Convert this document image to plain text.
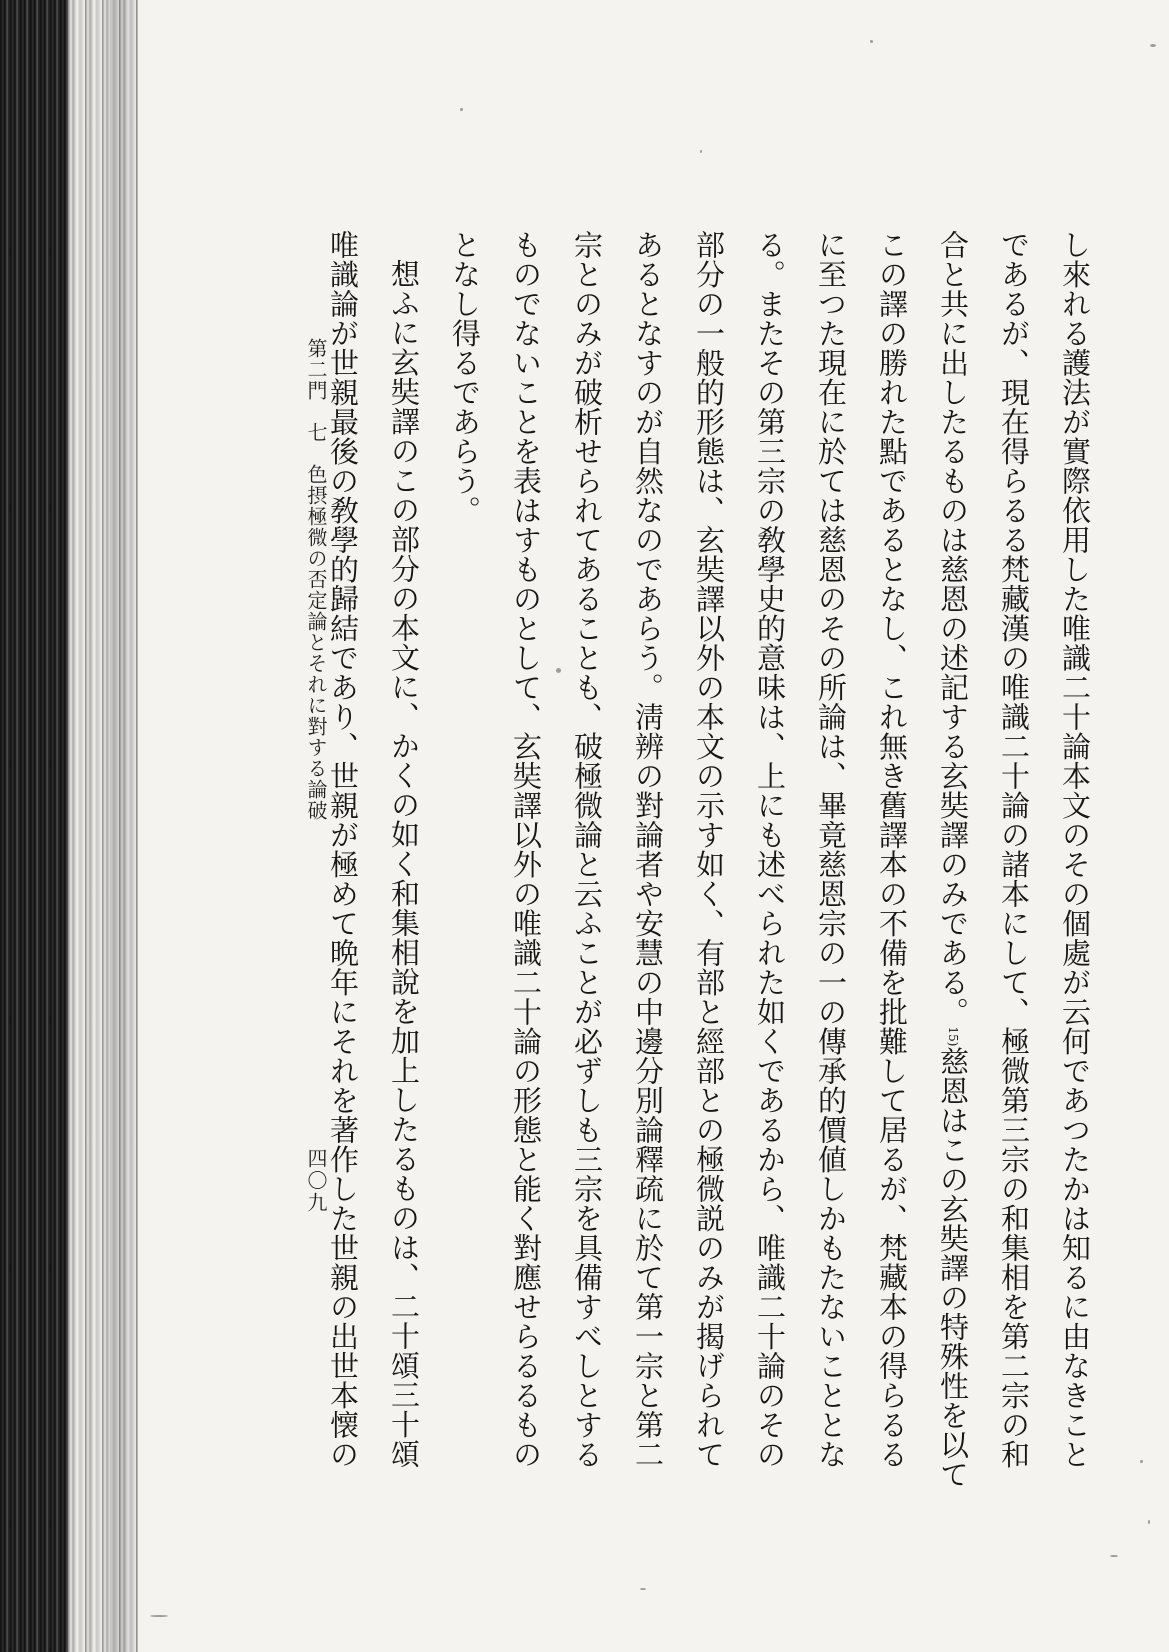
し來れる護法が實際依用した唯識二十論本文のその個處が云何であつたかは知るに由なきこと

であるが、現在得らるる梵藏漢の唯識二十論の諸本にして、極微第三宗の和集相を第二宗の和

合と共に出したるものは慈恩の述記する玄奘譯のみである。15)慈恩はこの玄奘譯の特殊性を以て

この譯の勝れた點であるとなし、これ無き舊譯本の不備を批難して居るが、梵藏本の得らるる

に至つた現在に於ては慈恩のその所論は、畢竟慈恩宗の一の傳承的價値しかもたないこととな

る。またその第三宗の敎學史的意味は、上にも述べられた如くであるから、唯識二十論のその

部分の一般的形態は、玄奘譯以外の本文の示す如く、有部と經部との極微説のみが揭げられて

あるとなすのが自然なのであらう。淸辨の對論者や安慧の中邊分別論釋疏に於て第一宗と第二

宗とのみが破析せられてあることも、破極微論と云ふことが必ずしも三宗を具備すべしとする

ものでないことを表はすものとして、玄奘譯以外の唯識二十論の形態と能く對應せらるるもの

となし得るであらう。

想ふに玄奘譯のこの部分の本文に、かくの如く和集相說を加上したるものは、二十頌三十頌

唯識論が世親最後の敎學的歸結であり、世親が極めて晩年にそれを著作した世親の出世本懐の

第二門　七　色摂極微の否定論とそれに對する論破
四〇九
